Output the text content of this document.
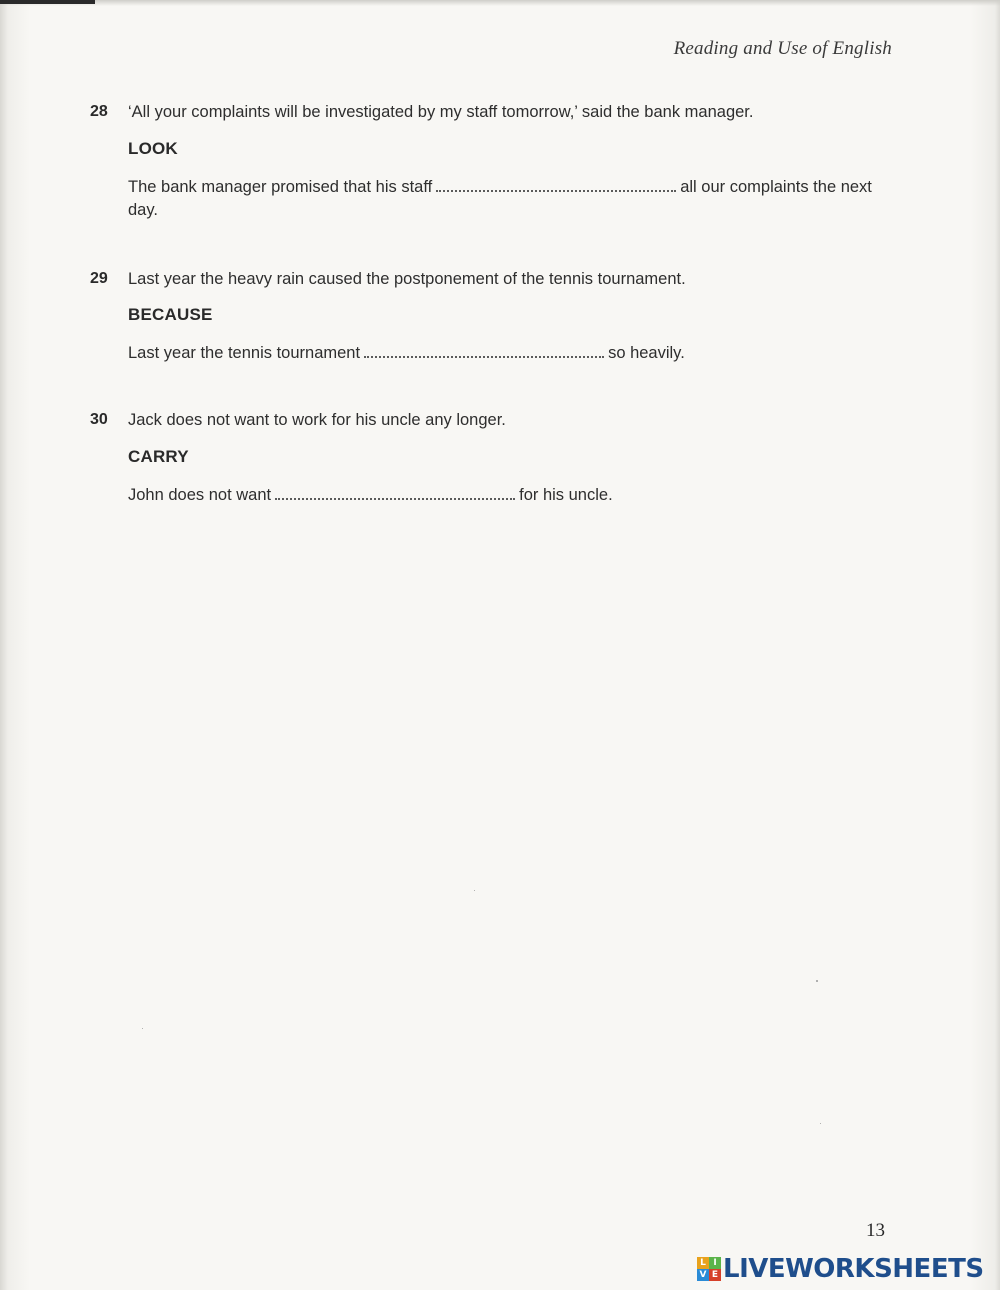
Reading and Use of English
28 ‘All your complaints will be investigated by my staff tomorrow,’ said the bank manager.
LOOK
The bank manager promised that his staff	all our complaints the next day.
29 Last year the heavy rain caused the postponement of the tennis tournament.
BECAUSE
Last year the tennis tournament	so heavily.
30 Jack does not want to work for his uncle any longer.
CARRY
John does not want	for his uncle.
13
L I
V E LIVEWORKSHEETS
